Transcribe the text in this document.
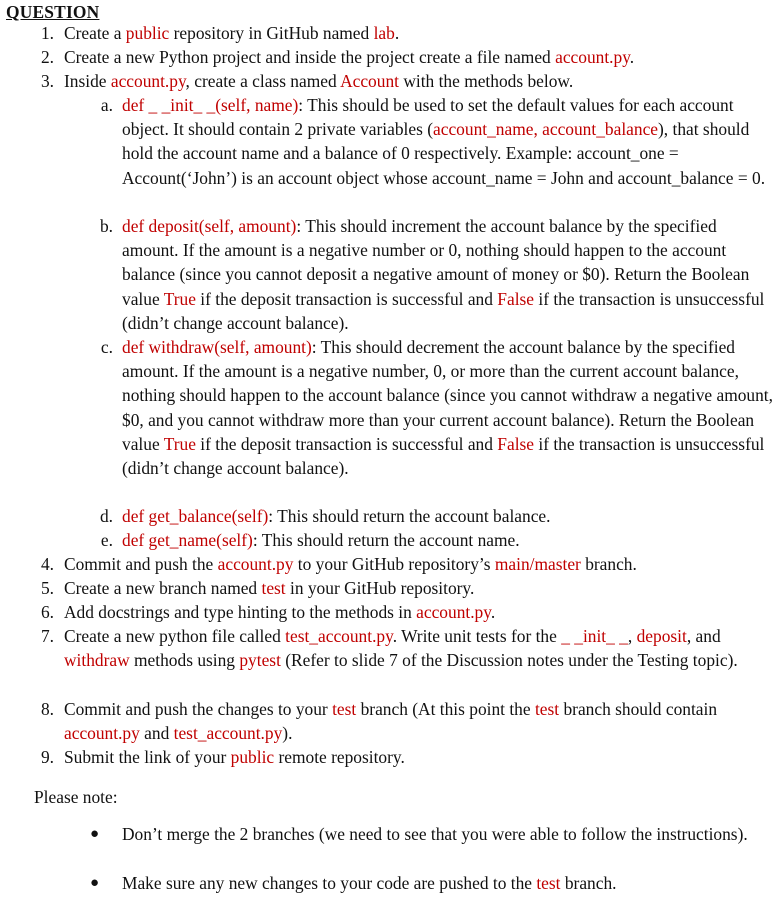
QUESTION
1. Create a public repository in GitHub named lab.
2. Create a new Python project and inside the project create a file named account.py.
3. Inside account.py, create a class named Account with the methods below.
a. def _ _init_ _(self, name): This should be used to set the default values for each account object. It should contain 2 private variables (account_name, account_balance), that should hold the account name and a balance of 0 respectively. Example: account_one = Account(‘John’) is an account object whose account_name = John and account_balance = 0.
b. def deposit(self, amount): This should increment the account balance by the specified amount. If the amount is a negative number or 0, nothing should happen to the account balance (since you cannot deposit a negative amount of money or $0). Return the Boolean value True if the deposit transaction is successful and False if the transaction is unsuccessful (didn’t change account balance).
c. def withdraw(self, amount): This should decrement the account balance by the specified amount. If the amount is a negative number, 0, or more than the current account balance, nothing should happen to the account balance (since you cannot withdraw a negative amount, $0, and you cannot withdraw more than your current account balance). Return the Boolean value True if the deposit transaction is successful and False if the transaction is unsuccessful (didn’t change account balance).
d. def get_balance(self): This should return the account balance.
e. def get_name(self): This should return the account name.
4. Commit and push the account.py to your GitHub repository’s main/master branch.
5. Create a new branch named test in your GitHub repository.
6. Add docstrings and type hinting to the methods in account.py.
7. Create a new python file called test_account.py. Write unit tests for the _ _init_ _, deposit, and withdraw methods using pytest (Refer to slide 7 of the Discussion notes under the Testing topic).
8. Commit and push the changes to your test branch (At this point the test branch should contain account.py and test_account.py).
9. Submit the link of your public remote repository.
Please note:
● Don’t merge the 2 branches (we need to see that you were able to follow the instructions).
● Make sure any new changes to your code are pushed to the test branch.
